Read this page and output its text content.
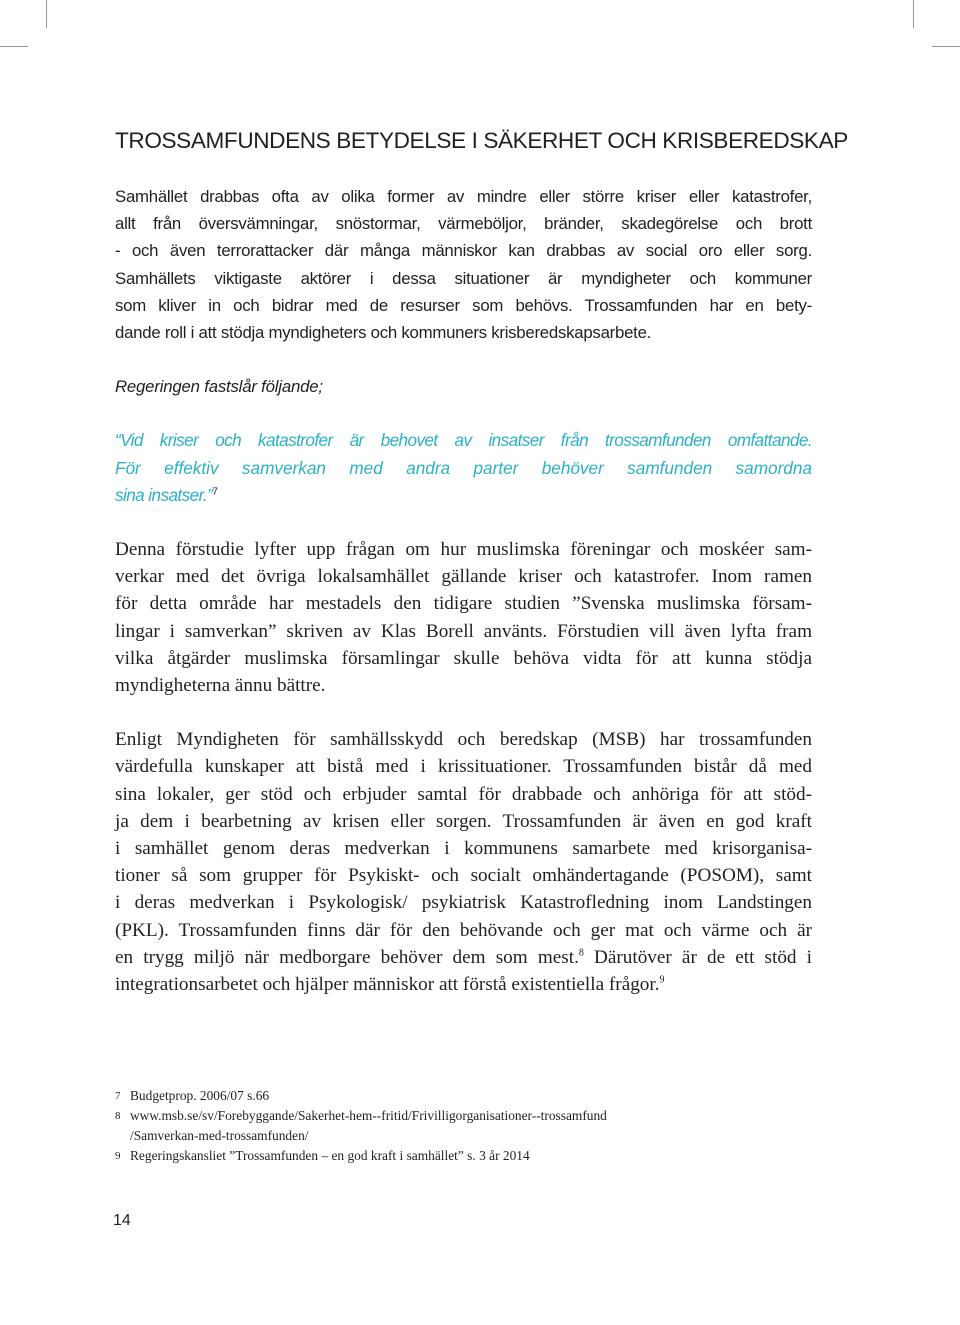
TROSSAMFUNDENS BETYDELSE I SÄKERHET OCH KRISBEREDSKAP
Samhället drabbas ofta av olika former av mindre eller större kriser eller katastrofer,
allt från översvämningar, snöstormar, värmeböljor, bränder, skadegörelse och brott
- och även terrorattacker där många människor kan drabbas av social oro eller sorg.
Samhällets viktigaste aktörer i dessa situationer är myndigheter och kommuner
som kliver in och bidrar med de resurser som behövs. Trossamfunden har en bety-
dande roll i att stödja myndigheters och kommuners krisberedskapsarbete.
Regeringen fastslår följande;
“Vid kriser och katastrofer är behovet av insatser från trossamfunden omfattande.
För effektiv samverkan med andra parter behöver samfunden samordna
sina insatser.”$^7$
Denna förstudie lyfter upp frågan om hur muslimska föreningar och moskéer sam-
verkar med det övriga lokalsamhället gällande kriser och katastrofer. Inom ramen
för detta område har mestadels den tidigare studien ”Svenska muslimska försam-
lingar i samverkan” skriven av Klas Borell använts. Förstudien vill även lyfta fram
vilka åtgärder muslimska församlingar skulle behöva vidta för att kunna stödja
myndigheterna ännu bättre.
Enligt Myndigheten för samhällsskydd och beredskap (MSB) har trossamfunden
värdefulla kunskaper att bistå med i krissituationer. Trossamfunden bistår då med
sina lokaler, ger stöd och erbjuder samtal för drabbade och anhöriga för att stöd-
ja dem i bearbetning av krisen eller sorgen. Trossamfunden är även en god kraft
i samhället genom deras medverkan i kommunens samarbete med krisorganisa-
tioner så som grupper för Psykiskt- och socialt omhändertagande (POSOM), samt
i deras medverkan i Psykologisk/ psykiatrisk Katastrofledning inom Landstingen
(PKL). Trossamfunden finns där för den behövande och ger mat och värme och är
en trygg miljö när medborgare behöver dem som mest.$^8$ Därutöver är de ett stöd i
integrationsarbetet och hjälper människor att förstå existentiella frågor.$^9$
7 Budgetprop. 2006/07 s.66
8 www.msb.se/sv/Forebyggande/Sakerhet-hem--fritid/Frivilligorganisationer--trossamfund
/Samverkan-med-trossamfunden/
9 Regeringskansliet ”Trossamfunden – en god kraft i samhället” s. 3 år 2014
14
